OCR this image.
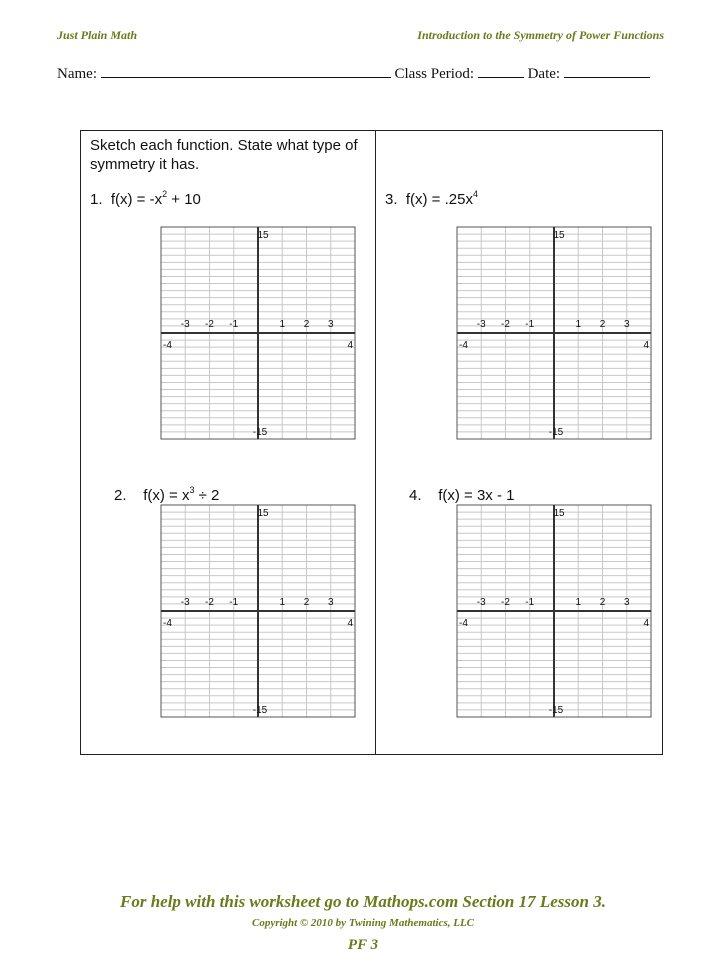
Just Plain Math	Introduction to the Symmetry of Power Functions
Name:	Class Period:	Date:
Sketch each function. State what type of symmetry it has.
1. $f(x) = -x^2 + 10$	3. $f(x) = .25x^4$
2. $f(x) = x^3 \div 2$	4. f(x) = 3x - 1
15
-15
-4	4
-3 -2 -1	1 2 3
15
-15
-4	4
-3 -2 -1	1 2 3
15
-15
-4	4
-3 -2 -1	1 2 3
15
-15
-4	4
-3 -2 -1	1 2 3
For help with this worksheet go to Mathops.com Section 17 Lesson 3.
Copyright © 2010 by Twining Mathematics, LLC
PF 3
